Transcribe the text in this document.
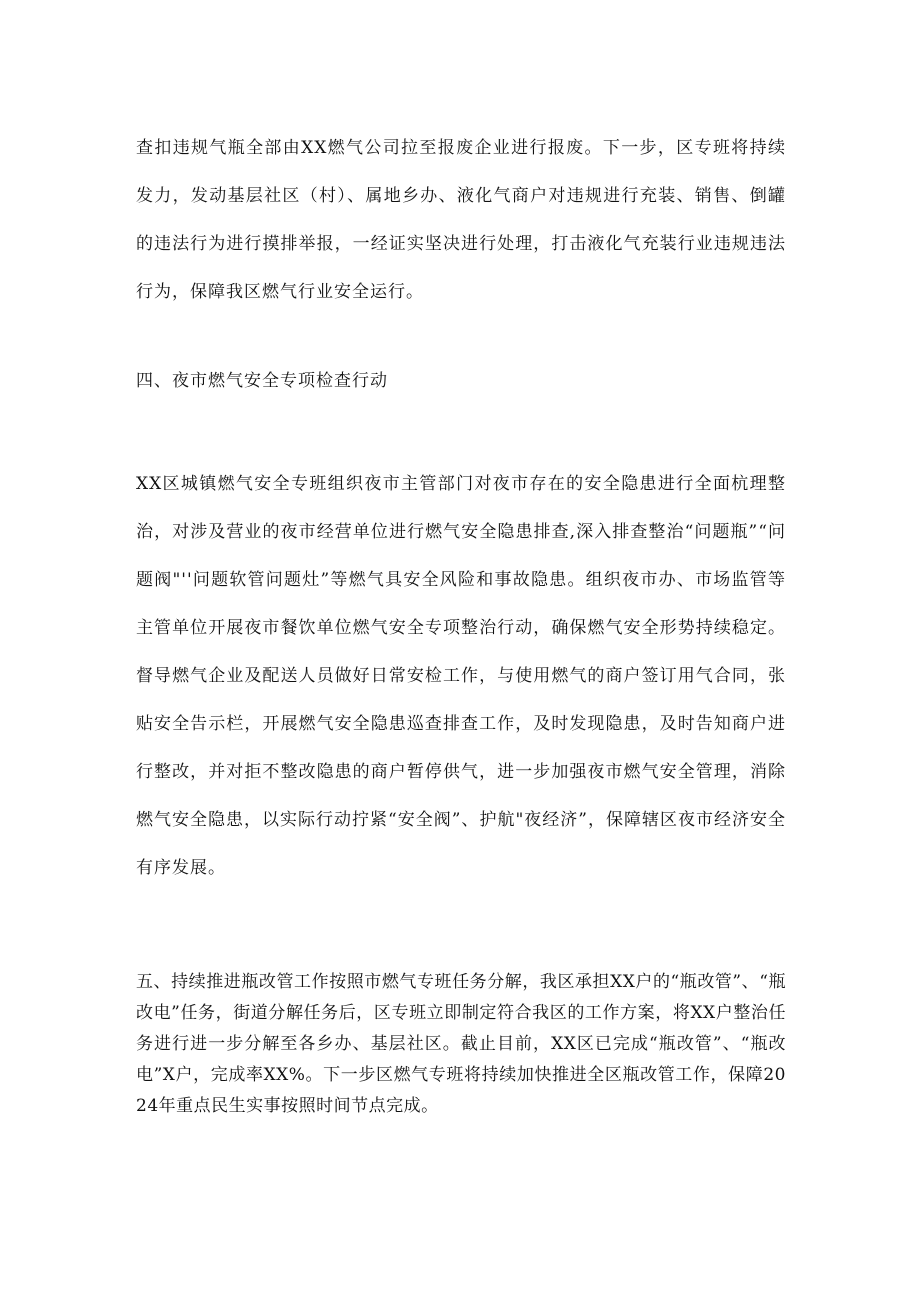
查扣违规气瓶全部由XX燃气公司拉至报废企业进行报废。下一步，区专班将持续发力，发动基层社区（村）、属地乡办、液化气商户对违规进行充装、销售、倒罐的违法行为进行摸排举报，一经证实坚决进行处理，打击液化气充装行业违规违法行为，保障我区燃气行业安全运行。

四、夜市燃气安全专项检查行动

XX区城镇燃气安全专班组织夜市主管部门对夜市存在的安全隐患进行全面杭理整治，对涉及营业的夜市经营单位进行燃气安全隐患排查,深入排查整治“问题瓶”“问题阀"''问题软管问题灶”等燃气具安全风险和事故隐患。组织夜市办、市场监管等主管单位开展夜市餐饮单位燃气安全专项整治行动，确保燃气安全形势持续稳定。督导燃气企业及配送人员做好日常安检工作，与使用燃气的商户签订用气合同，张贴安全告示栏，开展燃气安全隐患巡查排查工作，及时发现隐患，及时告知商户进行整改，并对拒不整改隐患的商户暂停供气，进一步加强夜市燃气安全管理，消除燃气安全隐患，以实际行动拧紧“安全阀”、护航"夜经济”，保障辖区夜市经济安全有序发展。

五、持续推进瓶改管工作按照市燃气专班任务分解，我区承担XX户的“瓶改管”、“瓶改电”任务，街道分解任务后，区专班立即制定符合我区的工作方案，将XX户整治任务进行进一步分解至各乡办、基层社区。截止目前，XX区已完成“瓶改管”、“瓶改电”X户，完成率XX%。下一步区燃气专班将持续加快推进全区瓶改管工作，保障2024年重点民生实事按照时间节点完成。
